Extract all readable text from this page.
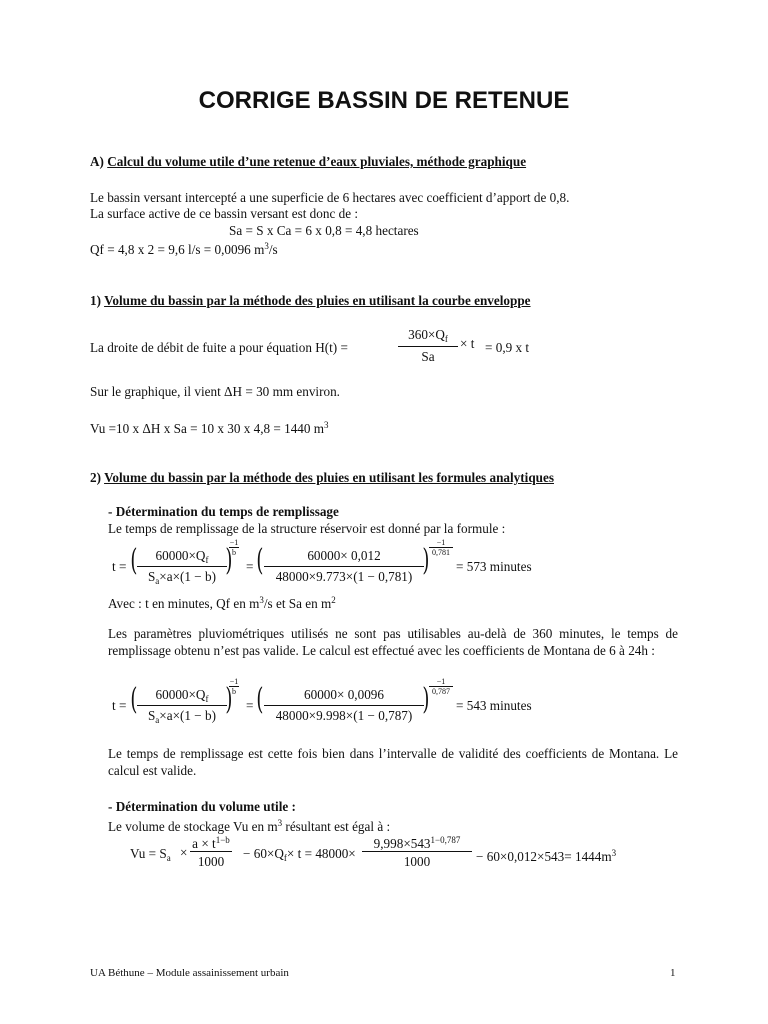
CORRIGE BASSIN DE RETENUE
A) Calcul du volume utile d’une retenue d’eaux pluviales, méthode graphique
Le bassin versant intercepté a une superficie de 6 hectares avec coefficient d’apport de 0,8.
La surface active de ce bassin versant est donc de :
Sa = S x Ca = 6 x 0,8 = 4,8 hectares
Qf = 4,8 x 2 = 9,6 l/s = 0,0096 $m^3/s$
1) Volume du bassin par la méthode des pluies en utilisant la courbe enveloppe
La droite de débit de fuite a pour équation H(t) =
$360\times Q_f$
Sa
× t = 0,9 x t
Sur le graphique, il vient ΔH = 30 mm environ.
Vu =10 x ΔH x Sa = 10 x 30 x 4,8 = 1440 $m^3$
2) Volume du bassin par la méthode des pluies en utilisant les formules analytiques
- Détermination du temps de remplissage
Le temps de remplissage de la structure réservoir est donné par la formule :
t = (	$60000\times Q_f$
$S_a\times a\times(1 - b)$ )
−1
b
= (	60000× 0,012
48000×9.773×(1 − 0,781) )
−1
0,781
= 573 minutes
Avec : t en minutes, Qf en $m^3/s$ et Sa en $m^2$
Les paramètres pluviométriques utilisés ne sont pas utilisables au-delà de 360 minutes, le temps de remplissage obtenu n’est pas valide. Le calcul est effectué avec les coefficients de Montana de 6 à 24h :
t = (	$60000\times Q_f$
$S_a\times a\times(1 - b)$ )
−1
b
= (	60000× 0,0096
48000×9.998×(1 − 0,787) )
−1
0,787
= 543 minutes
Le temps de remplissage est cette fois bien dans l’intervalle de validité des coefficients de Montana. Le calcul est valide.
- Détermination du volume utile :
Le volume de stockage Vu en $m^3$ résultant est égal à :
$Vu = S_a$ ×
$a \times t^{1-b}$
1000
− $60\times Q_f\times t = 48000\times$
$9,998\times 543^{1-0,787}$
1000	− $60\times 0,012\times 543= 1444m^3$
UA Béthune – Module assainissement urbain	1
